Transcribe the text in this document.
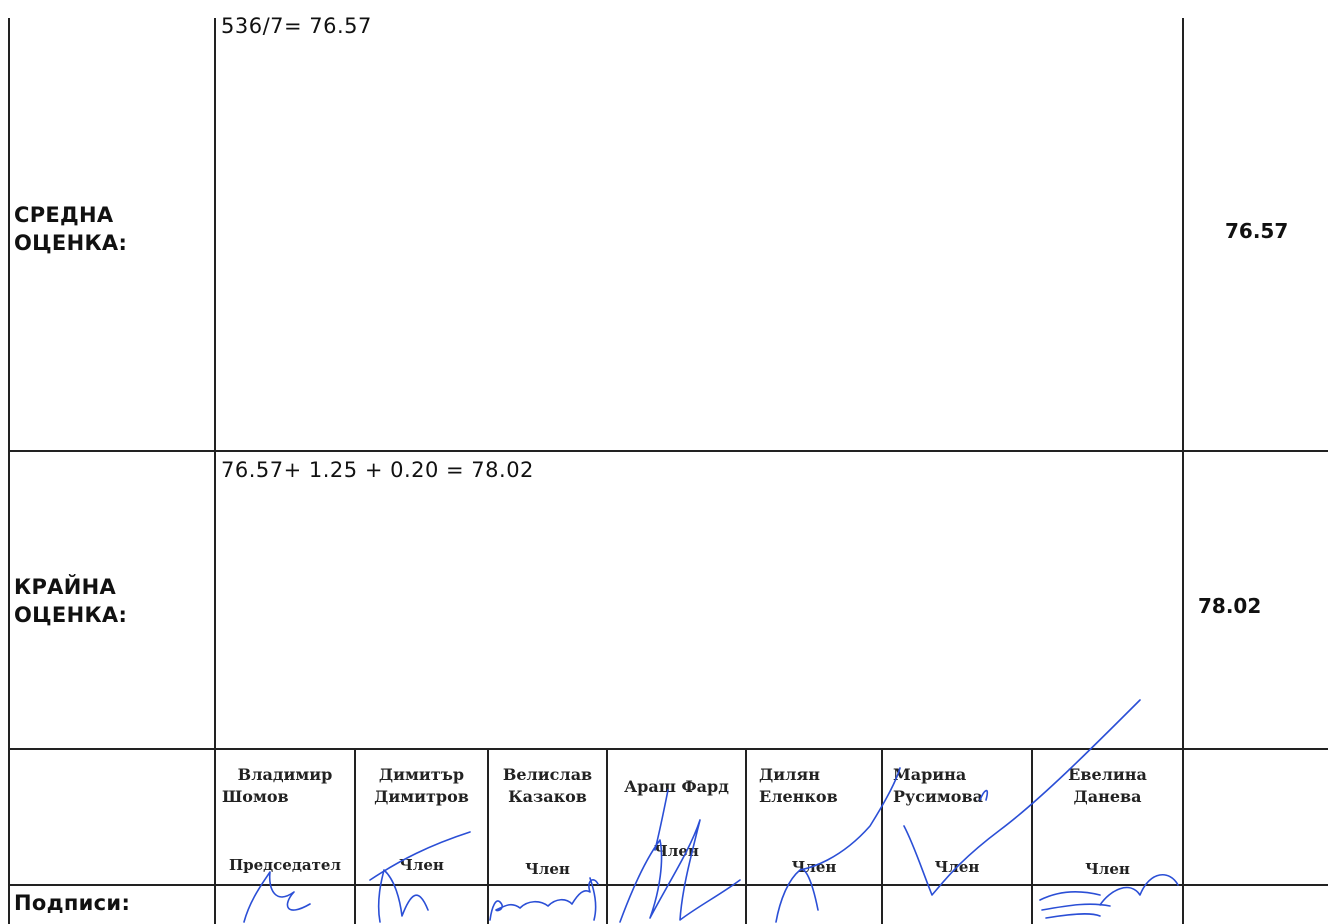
536/7= 76.57
СРЕДНА
ОЦЕНКА:	76.57
76.57+ 1.25 + 0.20 = 78.02
КРАЙНА
ОЦЕНКА:	78.02
Подписи:
Владимир
Шомов
Председател
Димитър
Димитров
Член
Велислав
Казаков
Член
Араш Фард
Член
Дилян
Еленков
Член
Марина
Русимова
Член
Евелина
Данева
Член
